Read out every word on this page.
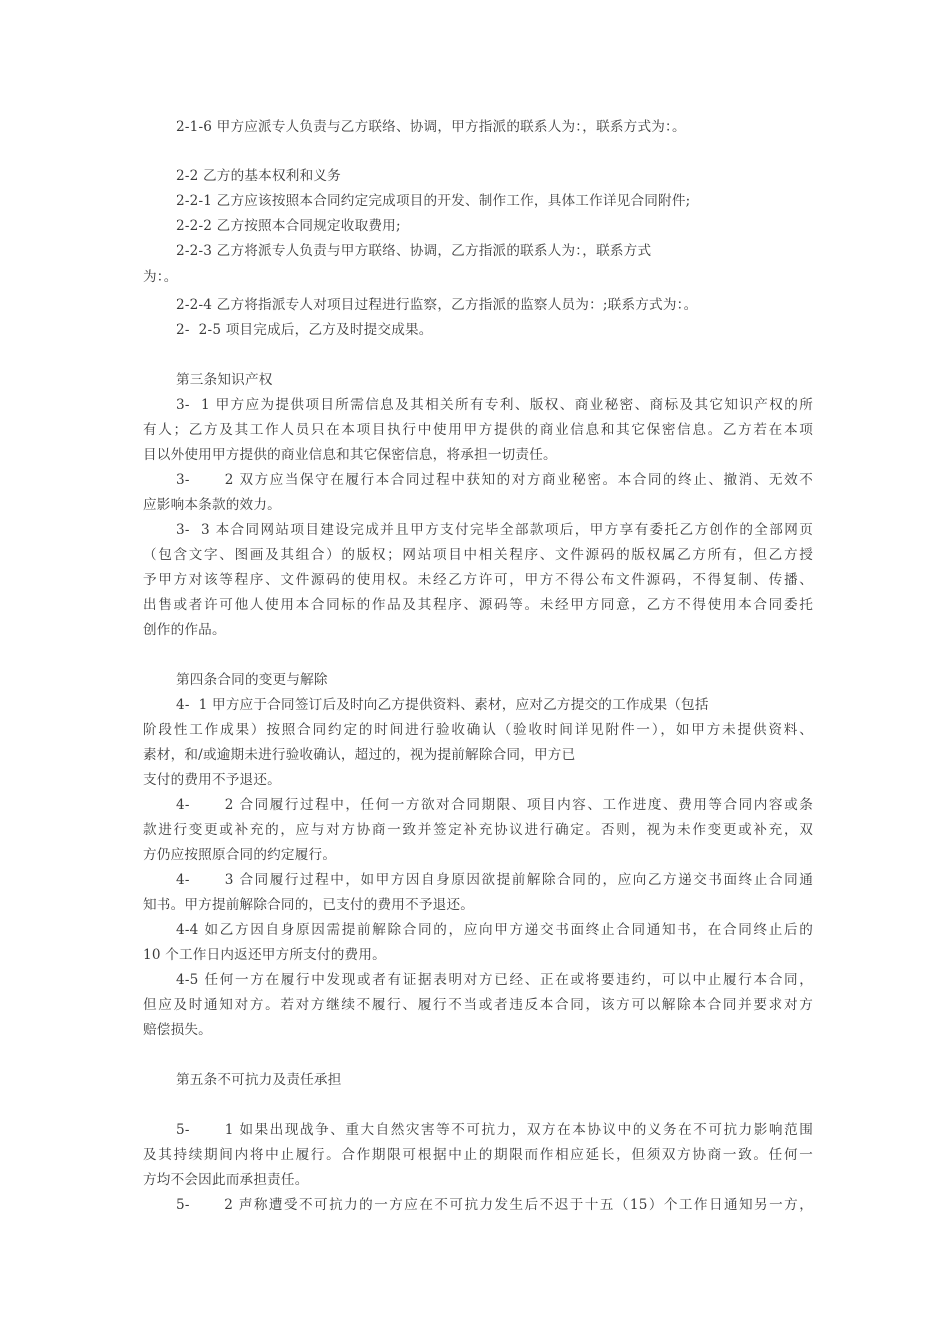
2-1-6 甲方应派专人负责与乙方联络、协调，甲方指派的联系人为：，联系方式为：。
2-2 乙方的基本权利和义务
2-2-1 乙方应该按照本合同约定完成项目的开发、制作工作，具体工作详见合同附件;
2-2-2 乙方按照本合同规定收取费用;
2-2-3 乙方将派专人负责与甲方联络、协调，乙方指派的联系人为：，联系方式
为：。
2-2-4 乙方将指派专人对项目过程进行监察，乙方指派的监察人员为：;联系方式为：。
2-  2-5 项目完成后，乙方及时提交成果。
第三条知识产权
3-  1 甲方应为提供项目所需信息及其相关所有专利、版权、商业秘密、商标及其它知识产权的所
有人；乙方及其工作人员只在本项目执行中使用甲方提供的商业信息和其它保密信息。乙方若在本项
目以外使用甲方提供的商业信息和其它保密信息，将承担一切责任。
3-      2 双方应当保守在履行本合同过程中获知的对方商业秘密。本合同的终止、撤消、无效不
应影响本条款的效力。
3-  3 本合同网站项目建设完成并且甲方支付完毕全部款项后，甲方享有委托乙方创作的全部网页
（包含文字、图画及其组合）的版权；网站项目中相关程序、文件源码的版权属乙方所有，但乙方授
予甲方对该等程序、文件源码的使用权。未经乙方许可，甲方不得公布文件源码，不得复制、传播、
出售或者许可他人使用本合同标的作品及其程序、源码等。未经甲方同意，乙方不得使用本合同委托
创作的作品。
第四条合同的变更与解除
4-  1 甲方应于合同签订后及时向乙方提供资料、素材，应对乙方提交的工作成果（包括
阶段性工作成果）按照合同约定的时间进行验收确认（验收时间详见附件一），如甲方未提供资料、
素材，和/或逾期未进行验收确认，超过的，视为提前解除合同，甲方已
支付的费用不予退还。
4-      2 合同履行过程中，任何一方欲对合同期限、项目内容、工作进度、费用等合同内容或条
款进行变更或补充的，应与对方协商一致并签定补充协议进行确定。否则，视为未作变更或补充，双
方仍应按照原合同的约定履行。
4-      3 合同履行过程中，如甲方因自身原因欲提前解除合同的，应向乙方递交书面终止合同通
知书。甲方提前解除合同的，已支付的费用不予退还。
4-4 如乙方因自身原因需提前解除合同的，应向甲方递交书面终止合同通知书，在合同终止后的
10 个工作日内返还甲方所支付的费用。
4-5 任何一方在履行中发现或者有证据表明对方已经、正在或将要违约，可以中止履行本合同，
但应及时通知对方。若对方继续不履行、履行不当或者违反本合同，该方可以解除本合同并要求对方
赔偿损失。
第五条不可抗力及责任承担
5-      1 如果出现战争、重大自然灾害等不可抗力，双方在本协议中的义务在不可抗力影响范围
及其持续期间内将中止履行。合作期限可根据中止的期限而作相应延长，但须双方协商一致。任何一
方均不会因此而承担责任。
5-      2 声称遭受不可抗力的一方应在不可抗力发生后不迟于十五（15）个工作日通知另一方，
